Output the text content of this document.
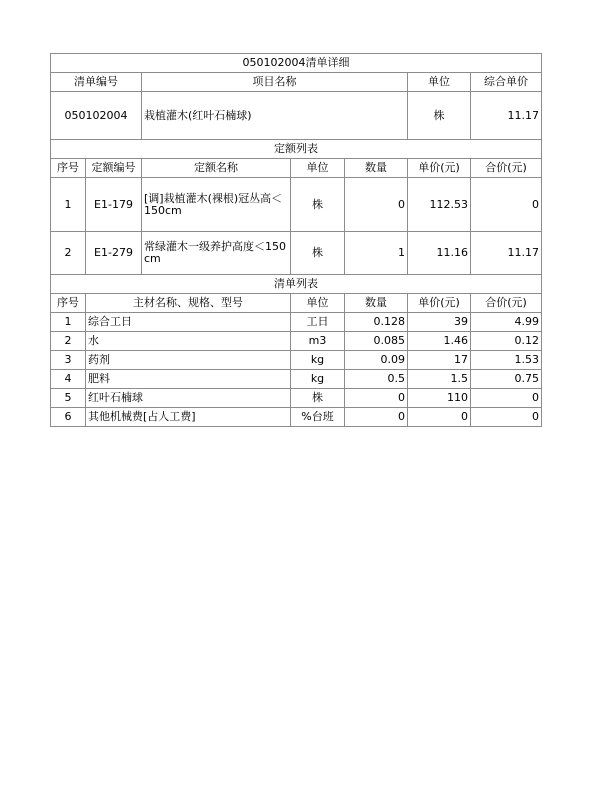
050102004清单详细						
清单编号		项目名称			单位	综合单价
050102004		栽植灌木(红叶石楠球)			株	11.17
定额列表						
序号	定额编号	定额名称	单位	数量	单价(元)	合价(元)
1	E1-179	[调]栽植灌木(裸根)冠丛高＜150cm	株	0	112.53	0
2	E1-279	常绿灌木一级养护高度＜150cm	株	1	11.16	11.17
清单列表						
序号	主材名称、规格、型号		单位	数量	单价(元)	合价(元)
1	综合工日		工日	0.128	39	4.99
2	水		m3	0.085	1.46	0.12
3	药剂		kg	0.09	17	1.53
4	肥料		kg	0.5	1.5	0.75
5	红叶石楠球		株	0	110	0
6	其他机械费[占人工费]		%台班	0	0	0
